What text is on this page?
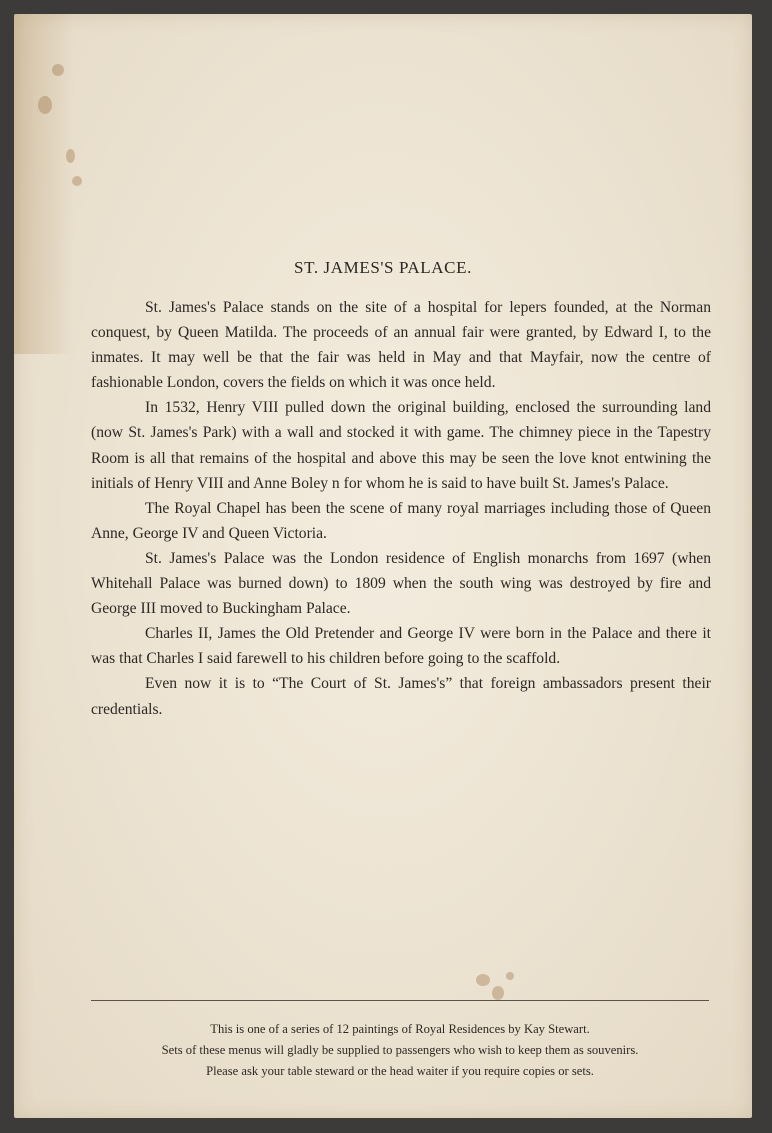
ST. JAMES'S PALACE.

St. James's Palace stands on the site of a hospital for lepers founded, at the Norman conquest, by Queen Matilda. The proceeds of an annual fair were granted, by Edward I, to the inmates. It may well be that the fair was held in May and that Mayfair, now the centre of fashionable London, covers the fields on which it was once held.

In 1532, Henry VIII pulled down the original building, enclosed the surrounding land (now St. James's Park) with a wall and stocked it with game. The chimney piece in the Tapestry Room is all that remains of the hospital and above this may be seen the love knot entwining the initials of Henry VIII and Anne Boley n for whom he is said to have built St. James's Palace.

The Royal Chapel has been the scene of many royal marriages including those of Queen Anne, George IV and Queen Victoria.

St. James's Palace was the London residence of English monarchs from 1697 (when Whitehall Palace was burned down) to 1809 when the south wing was destroyed by fire and George III moved to Buckingham Palace.

Charles II, James the Old Pretender and George IV were born in the Palace and there it was that Charles I said farewell to his children before going to the scaffold.

Even now it is to “The Court of St. James's” that foreign ambassadors present their credentials.

This is one of a series of 12 paintings of Royal Residences by Kay Stewart.
Sets of these menus will gladly be supplied to passengers who wish to keep them as souvenirs.
Please ask your table steward or the head waiter if you require copies or sets.
